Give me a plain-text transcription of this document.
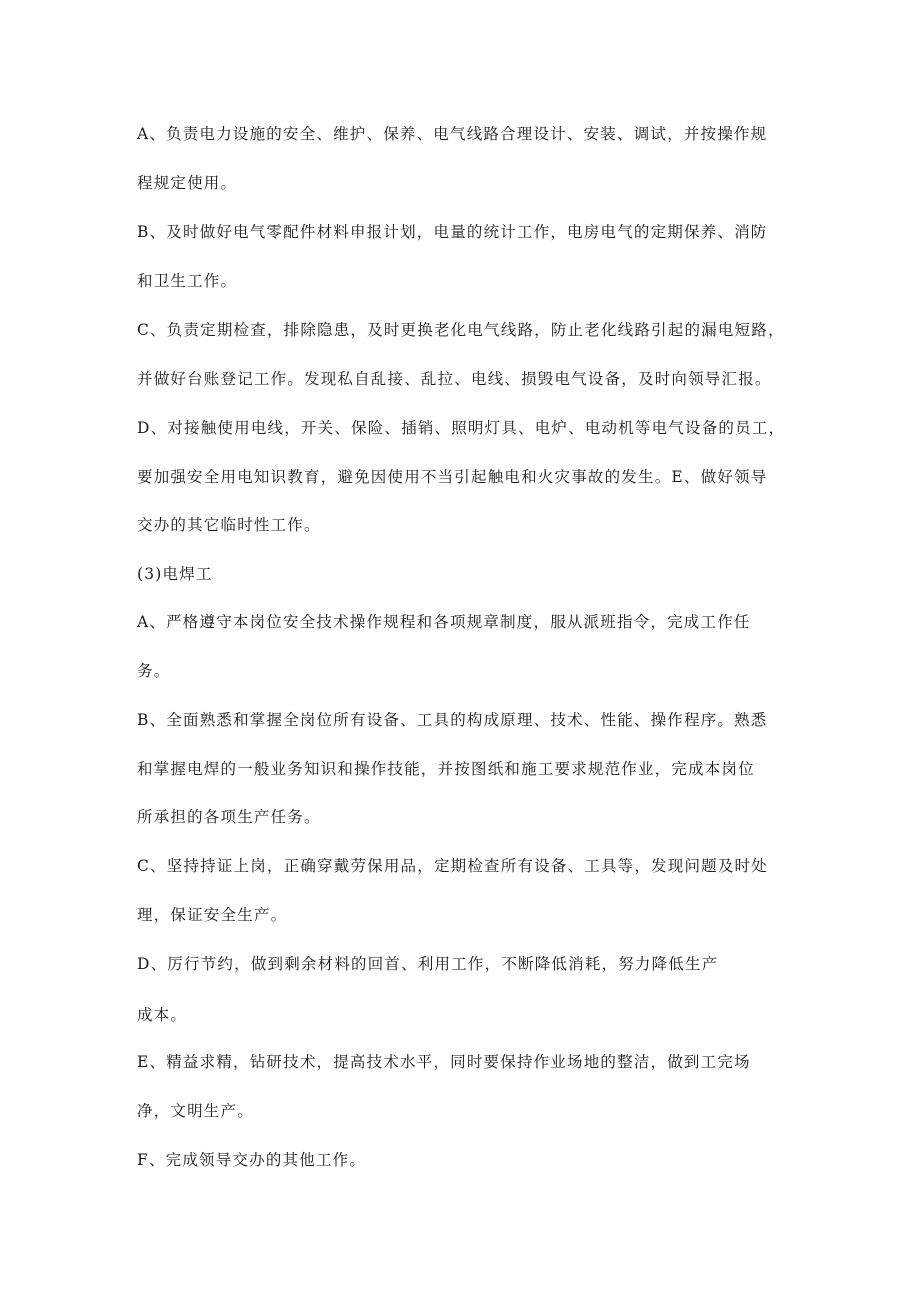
A、负责电力设施的安全、维护、保养、电气线路合理设计、安装、调试，并按操作规
程规定使用。
B、及时做好电气零配件材料申报计划，电量的统计工作，电房电气的定期保养、消防
和卫生工作。
C、负责定期检查，排除隐患，及时更换老化电气线路，防止老化线路引起的漏电短路，
并做好台账登记工作。发现私自乱接、乱拉、电线、损毁电气设备，及时向领导汇报。
D、对接触使用电线，开关、保险、插销、照明灯具、电炉、电动机等电气设备的员工，
要加强安全用电知识教育，避免因使用不当引起触电和火灾事故的发生。E、做好领导
交办的其它临时性工作。
(3)电焊工
A、严格遵守本岗位安全技术操作规程和各项规章制度，服从派班指令，完成工作任
务。
B、全面熟悉和掌握全岗位所有设备、工具的构成原理、技术、性能、操作程序。熟悉
和掌握电焊的一般业务知识和操作技能，并按图纸和施工要求规范作业，完成本岗位
所承担的各项生产任务。
C、坚持持证上岗，正确穿戴劳保用品，定期检查所有设备、工具等，发现问题及时处
理，保证安全生产。
D、厉行节约，做到剩余材料的回首、利用工作，不断降低消耗，努力降低生产
成本。
E、精益求精，钻研技术，提高技术水平，同时要保持作业场地的整洁，做到工完场
净，文明生产。
F、完成领导交办的其他工作。
